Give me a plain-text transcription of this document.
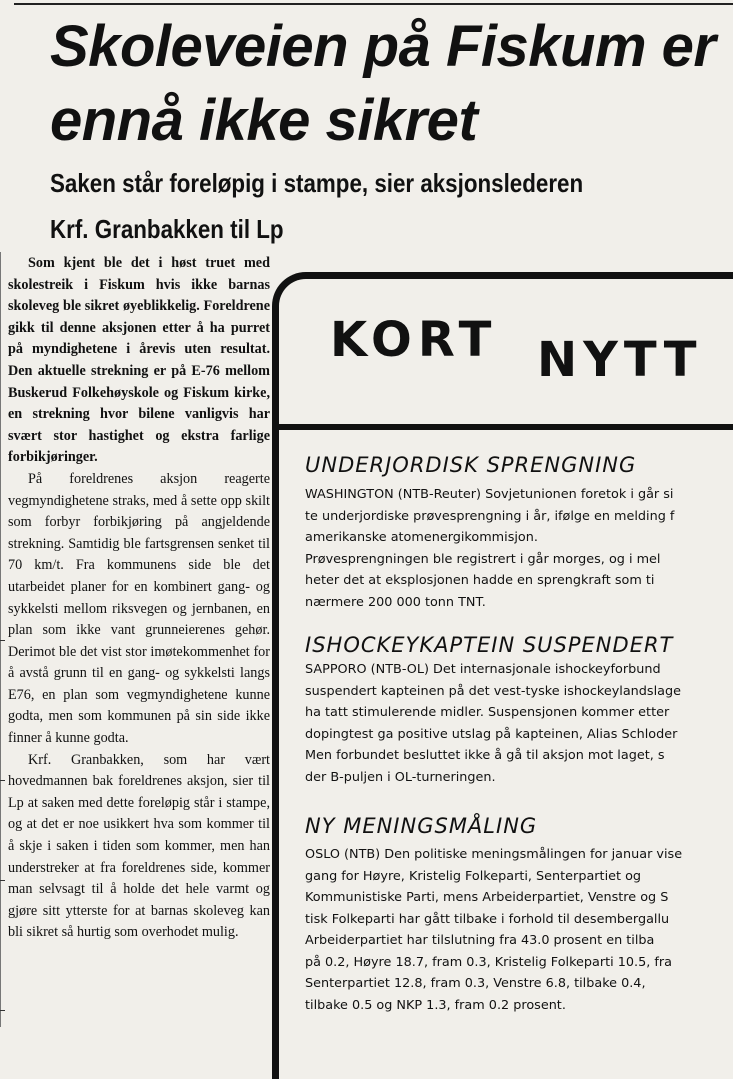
Skoleveien på Fiskum er
ennå ikke sikret
Saken står foreløpig i stampe, sier aksjonslederen
Krf. Granbakken til Lp

Som kjent ble det i høst truet med skolestreik i Fiskum hvis ikke barnas skoleveg ble sikret øyeblikkelig. Foreldrene gikk til denne aksjonen etter å ha purret på myndighetene i årevis uten resultat. Den aktuelle strekning er på E-76 mellom Buskerud Folkehøyskole og Fiskum kirke, en strekning hvor bilene vanligvis har svært stor hastighet og ekstra farlige forbikjøringer.

På foreldrenes aksjon reagerte vegmyndighetene straks, med å sette opp skilt som forbyr forbikjøring på angjeldende strekning. Samtidig ble fartsgrensen senket til 70 km/t. Fra kommunens side ble det utarbeidet planer for en kombinert gang- og sykkelsti mellom riksvegen og jernbanen, en plan som ikke vant grunneierenes gehør. Derimot ble det vist stor imøtekommenhet for å avstå grunn til en gang- og sykkelsti langs E76, en plan som vegmyndighetene kunne godta, men som kommunen på sin side ikke finner å kunne godta.

Krf. Granbakken, som har vært hovedmannen bak foreldrenes aksjon, sier til Lp at saken med dette foreløpig står i stampe, og at det er noe usikkert hva som kommer til å skje i saken i tiden som kommer, men han understreker at fra foreldrenes side, kommer man selvsagt til å holde det hele varmt og gjøre sitt ytterste for at barnas skoleveg kan bli sikret så hurtig som overhodet mulig.

KORT NYTT
UNDERJORDISK SPRENGNING

WASHINGTON (NTB-Reuter) Sovjetunionen foretok i går si

te underjordiske prøvesprengning i år, ifølge en melding f

amerikanske atomenergikommisjon.

Prøvesprengningen ble registrert i går morges, og i mel

heter det at eksplosjonen hadde en sprengkraft som ti

nærmere 200 000 tonn TNT.

ISHOCKEYKAPTEIN SUSPENDERT

SAPPORO (NTB-OL) Det internasjonale ishockeyforbund

suspendert kapteinen på det vest-tyske ishockeylandslage

ha tatt stimulerende midler. Suspensjonen kommer etter

dopingtest ga positive utslag på kapteinen, Alias Schloder

Men forbundet besluttet ikke å gå til aksjon mot laget, s

der B-puljen i OL-turneringen.

NY MENINGSMÅLING

OSLO (NTB) Den politiske meningsmålingen for januar vise

gang for Høyre, Kristelig Folkeparti, Senterpartiet og

Kommunistiske Parti, mens Arbeiderpartiet, Venstre og S

tisk Folkeparti har gått tilbake i forhold til desembergallu

Arbeiderpartiet har tilslutning fra 43.0 prosent en tilba

på 0.2, Høyre 18.7, fram 0.3, Kristelig Folkeparti 10.5, fra

Senterpartiet 12.8, fram 0.3, Venstre 6.8, tilbake 0.4,

tilbake 0.5 og NKP 1.3, fram 0.2 prosent.
